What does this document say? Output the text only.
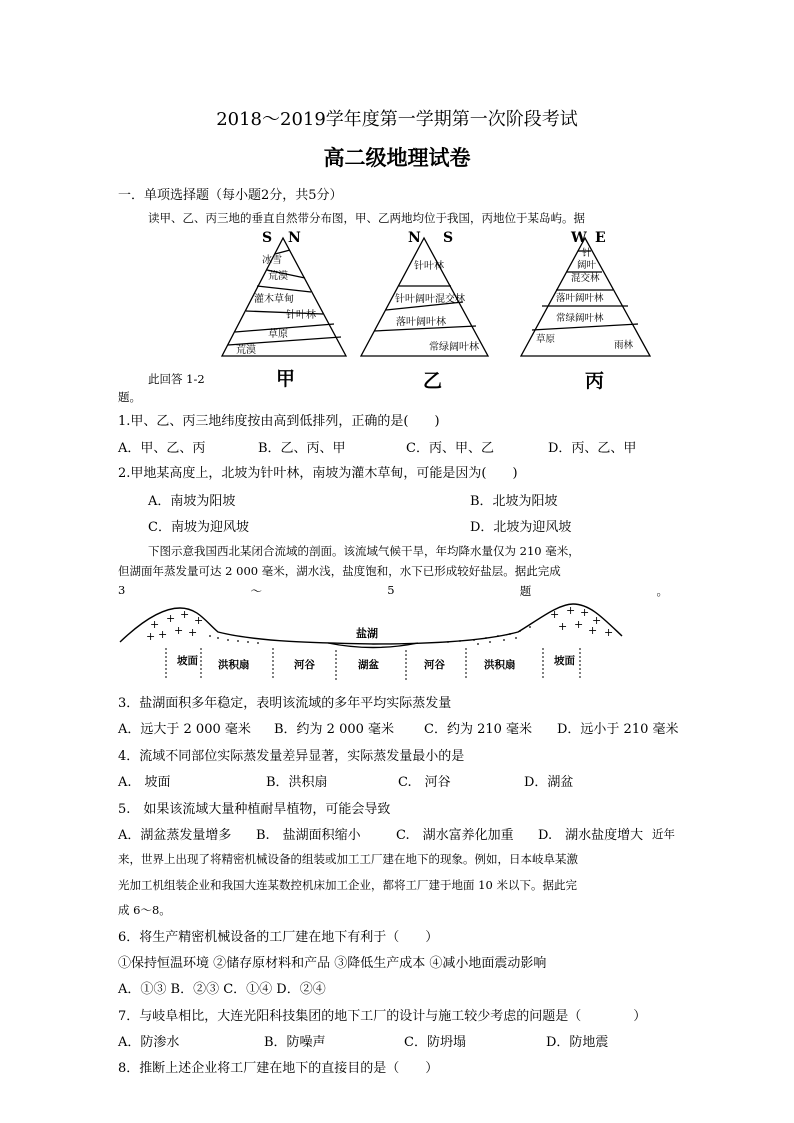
2018～2019学年度第一学期第一次阶段考试
高二级地理试卷
一．单项选择题（每小题2分，共5分）
读甲、乙、丙三地的垂直自然带分布图，甲、乙两地均位于我国，丙地位于某岛屿。据
S N
冰雪
荒漠
灌木草甸
针叶林
草原
荒漠
N S
针叶林
针叶阔叶混交林
落叶阔叶林
常绿阔叶林
W E
针
阔叶
混交林
落叶阔叶林
常绿阔叶林
草原
雨林
甲	乙	丙
此回答 1-2
题。
1.甲、乙、丙三地纬度按由高到低排列，正确的是(　　)
A．甲、乙、丙	B．乙、丙、甲	C．丙、甲、乙	D．丙、乙、甲
2.甲地某高度上，北坡为针叶林，南坡为灌木草甸，可能是因为(　　)
A．南坡为阳坡	B．北坡为阳坡
C．南坡为迎风坡	D．北坡为迎风坡
下图示意我国西北某闭合流域的剖面。该流域气候干旱，年均降水量仅为 210 毫米，
但湖面年蒸发量可达 2 000 毫米，湖水浅，盐度饱和，水下已形成较好盐层。据此完成
3	～	5	题	。
+ + + +
+ + +
+
+ + +
+
+ + + +
盐湖
坡面 洪积扇	河谷	湖盆	河谷	洪积扇	坡面
3．盐湖面积多年稳定，表明该流域的多年平均实际蒸发量
A．远大于 2 000 毫米 B．约为 2 000 毫米 C．约为 210 毫米 D．远小于 210 毫米
4．流域不同部位实际蒸发量差异显著，实际蒸发量最小的是
A.　坡面	B．洪积扇	C.　河谷	D．湖盆
5.　如果该流域大量种植耐旱植物，可能会导致
A．湖盆蒸发量增多 B.　盐湖面积缩小	C.　湖水富养化加重 D.　湖水盐度增大 近年
来，世界上出现了将精密机械设备的组装或加工工厂建在地下的现象。例如，日本岐阜某激
光加工机组装企业和我国大连某数控机床加工企业，都将工厂建于地面 10 米以下。据此完
成 6～8。
6．将生产精密机械设备的工厂建在地下有利于（　　）
①保持恒温环境 ②储存原材料和产品 ③降低生产成本 ④减小地面震动影响
A．①③ B．②③ C．①④ D．②④
7．与岐阜相比，大连光阳科技集团的地下工厂的设计与施工较少考虑的问题是（　　　　）
A．防渗水	B．防噪声	C．防坍塌	D．防地震
8．推断上述企业将工厂建在地下的直接目的是（　　）
